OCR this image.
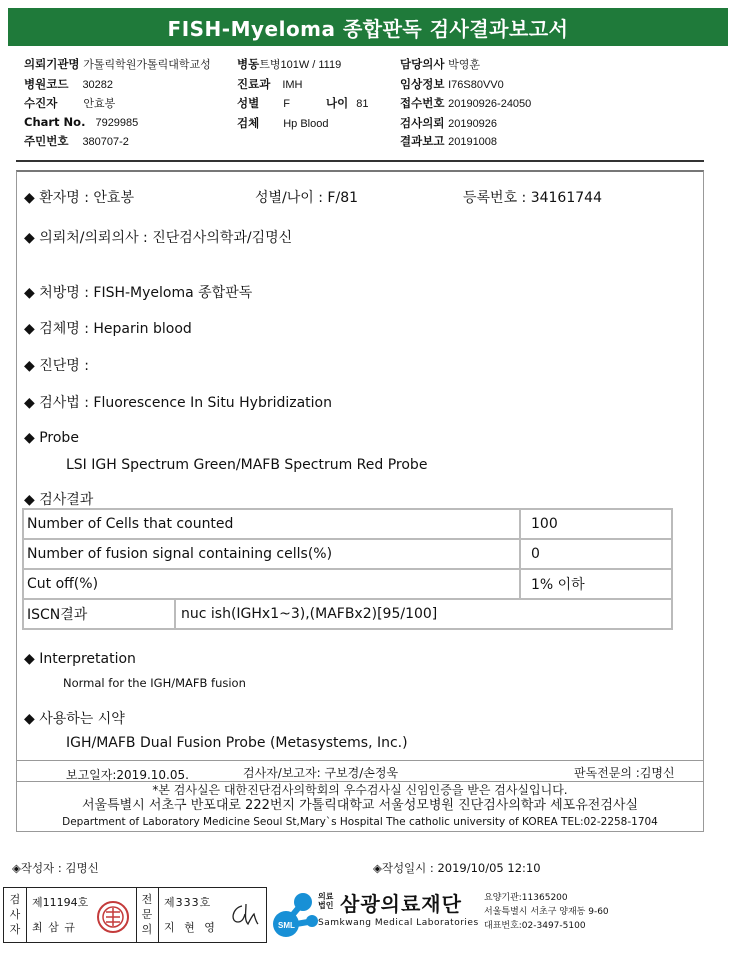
FISH-Myeloma 종합판독 검사결과보고서
의뢰기관명 가톨릭학원가톨릭대학교성 병동트병101W / 1119	담당의사 박영훈
병원코드 30282	진료과 IMH	임상정보 I76S80VV0
수진자 안효봉	성별 F	나이 81	접수번호 20190926-24050
Chart No. 7929985	검체 Hp Blood	검사의뢰 20190926
주민번호 380707-2	결과보고 20191008
◆ 환자명 : 안효봉	성별/나이 : F/81	등록번호 : 34161744
◆ 의뢰처/의뢰의사 : 진단검사의학과/김명신
◆ 처방명 : FISH-Myeloma 종합판독
◆ 검체명 : Heparin blood
◆ 진단명 :
◆ 검사법 : Fluorescence In Situ Hybridization
◆ Probe
LSI IGH Spectrum Green/MAFB Spectrum Red Probe
◆ 검사결과
Number of Cells that counted	100
Number of fusion signal containing cells(%)	0
Cut off(%)	1% 이하

ISCN결과 nuc ish(IGHx1~3),(MAFBx2)[95/100]	
◆ Interpretation
Normal for the IGH/MAFB fusion
◆ 사용하는 시약
IGH/MAFB Dual Fusion Probe (Metasystems, Inc.)
보고일자:2019.10.05.	검사자/보고자: 구보경/손정욱	판독전문의 :김명신
*본 검사실은 대한진단검사의학회의 우수검사실 신임인증을 받은 검사실입니다.
서울특별시 서초구 반포대로 222번지 가톨릭대학교 서울성모병원 진단검사의학과 세포유전검사실
Department of Laboratory Medicine Seoul St,Mary`s Hospital The catholic university of KOREA TEL:02-2258-1704
◈작성자 : 김명신	◈작성일시 : 2019/10/05 12:10
검사자
제11194호
최 삼 규
전문의
제333호
지 현 영	SML
의료법인 삼광의료재단
Samkwang Medical Laboratories
요양기관:11365200
서울특별시 서초구 양재동 9-60
대표번호:02-3497-5100
